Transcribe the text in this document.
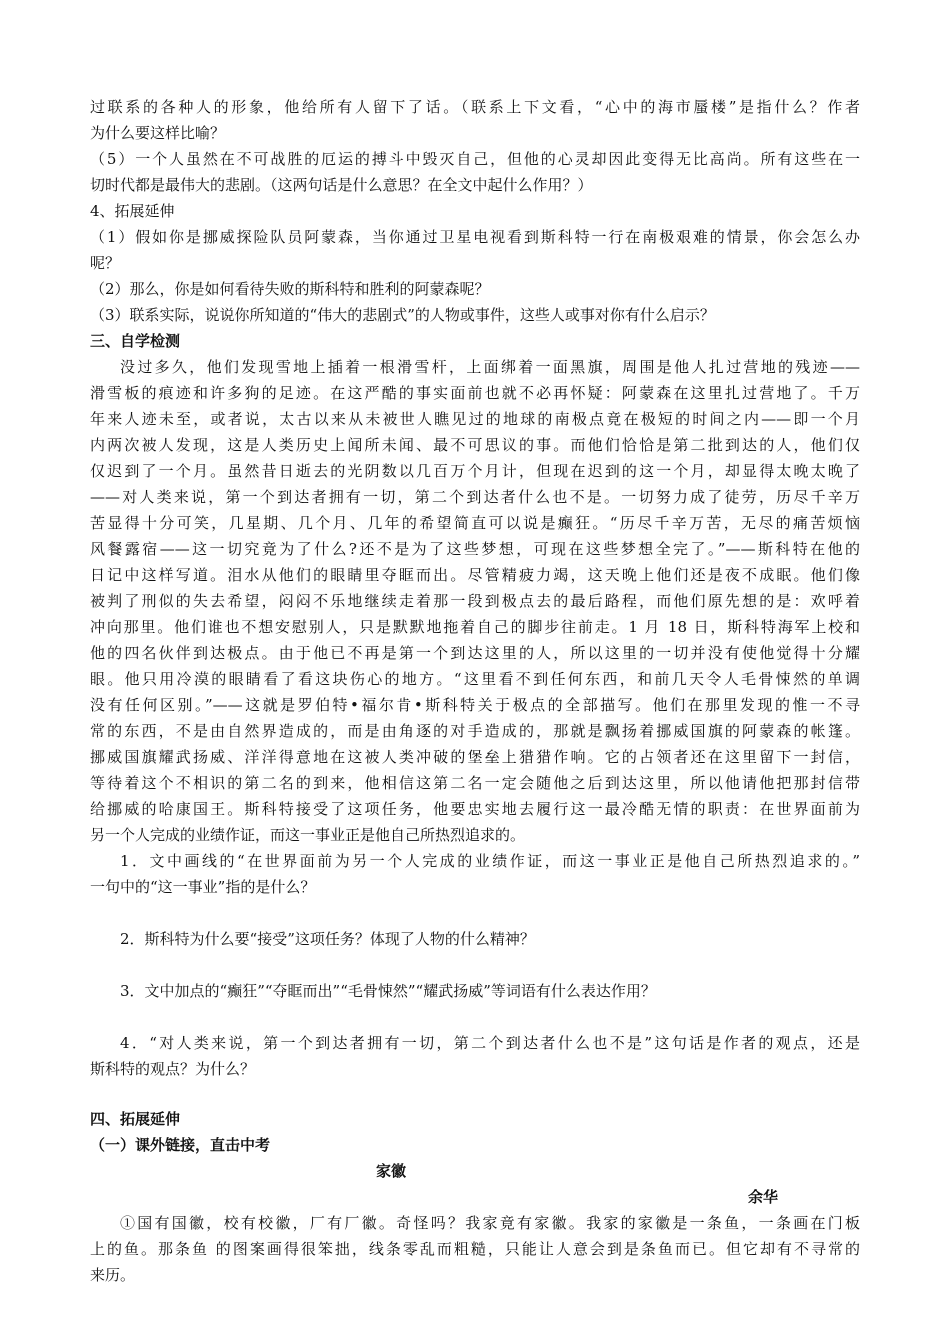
过联系的各种人的形象，他给所有人留下了话。（联系上下文看，“心中的海市蜃楼”是指什么？作者
为什么要这样比喻？
（5）一个人虽然在不可战胜的厄运的搏斗中毁灭自己，但他的心灵却因此变得无比高尚。所有这些在一
切时代都是最伟大的悲剧。（这两句话是什么意思？在全文中起什么作用？）
4、拓展延伸
（1）假如你是挪威探险队员阿蒙森，当你通过卫星电视看到斯科特一行在南极艰难的情景，你会怎么办
呢？
（2）那么，你是如何看待失败的斯科特和胜利的阿蒙森呢？
（3）联系实际，说说你所知道的“伟大的悲剧式”的人物或事件，这些人或事对你有什么启示？
三、自学检测
没过多久，他们发现雪地上插着一根滑雪杆，上面绑着一面黑旗，周围是他人扎过营地的残迹——
滑雪板的痕迹和许多狗的足迹。在这严酷的事实面前也就不必再怀疑：阿蒙森在这里扎过营地了。千万
年来人迹未至，或者说，太古以来从未被世人瞧见过的地球的南极点竟在极短的时间之内——即一个月
内两次被人发现，这是人类历史上闻所未闻、最不可思议的事。而他们恰恰是第二批到达的人，他们仅
仅迟到了一个月。虽然昔日逝去的光阴数以几百万个月计，但现在迟到的这一个月，却显得太晚太晚了
——对人类来说，第一个到达者拥有一切，第二个到达者什么也不是。一切努力成了徒劳，历尽千辛万
苦显得十分可笑，几星期、几个月、几年的希望简直可以说是癫狂。“历尽千辛万苦，无尽的痛苦烦恼
风餐露宿——这一切究竟为了什么?还不是为了这些梦想，可现在这些梦想全完了。”——斯科特在他的
日记中这样写道。泪水从他们的眼睛里夺眶而出。尽管精疲力竭，这天晚上他们还是夜不成眠。他们像
被判了刑似的失去希望，闷闷不乐地继续走着那一段到极点去的最后路程，而他们原先想的是：欢呼着
冲向那里。他们谁也不想安慰别人，只是默默地拖着自己的脚步往前走。1 月 18 日，斯科特海军上校和
他的四名伙伴到达极点。由于他已不再是第一个到达这里的人，所以这里的一切并没有使他觉得十分耀
眼。他只用冷漠的眼睛看了看这块伤心的地方。“这里看不到任何东西，和前几天令人毛骨悚然的单调
没有任何区别。”——这就是罗伯特•福尔肯•斯科特关于极点的全部描写。他们在那里发现的惟一不寻
常的东西，不是由自然界造成的，而是由角逐的对手造成的，那就是飘扬着挪威国旗的阿蒙森的帐篷。
挪威国旗耀武扬威、洋洋得意地在这被人类冲破的堡垒上猎猎作响。它的占领者还在这里留下一封信，
等待着这个不相识的第二名的到来，他相信这第二名一定会随他之后到达这里，所以他请他把那封信带
给挪威的哈康国王。斯科特接受了这项任务，他要忠实地去履行这一最冷酷无情的职责：在世界面前为
另一个人完成的业绩作证，而这一事业正是他自己所热烈追求的。
1．文中画线的“在世界面前为另一个人完成的业绩作证，而这一事业正是他自己所热烈追求的。”
一句中的“这一事业”指的是什么？
2．斯科特为什么要“接受”这项任务？体现了人物的什么精神？
3．文中加点的“癫狂”“夺眶而出”“毛骨悚然”“耀武扬威”等词语有什么表达作用？
4．“对人类来说，第一个到达者拥有一切，第二个到达者什么也不是”这句话是作者的观点，还是
斯科特的观点？为什么？
四、拓展延伸
（一）课外链接，直击中考
家徽
余华
①国有国徽，校有校徽，厂有厂徽。奇怪吗？我家竟有家徽。我家的家徽是一条鱼，一条画在门板
上的鱼。那条鱼 的图案画得很笨拙，线条零乱而粗糙，只能让人意会到是条鱼而已。但它却有不寻常的
来历。
